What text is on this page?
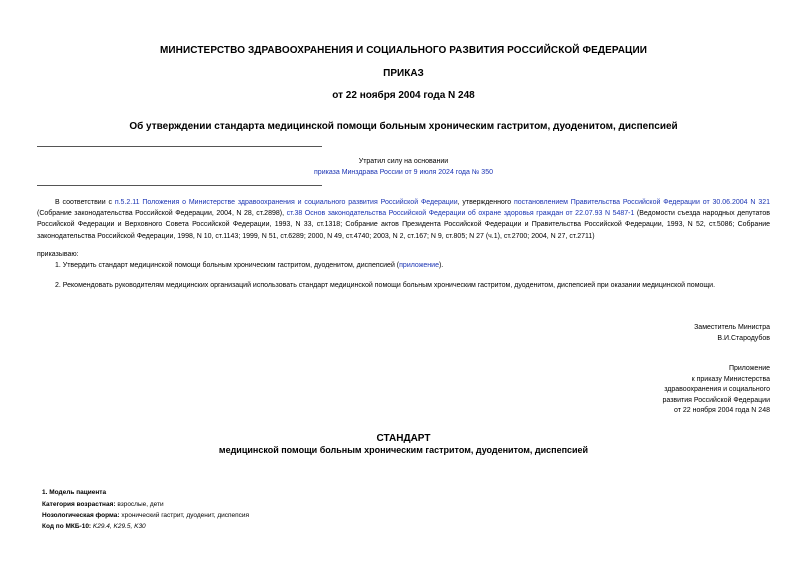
МИНИСТЕРСТВО ЗДРАВООХРАНЕНИЯ И СОЦИАЛЬНОГО РАЗВИТИЯ РОССИЙСКОЙ ФЕДЕРАЦИИ
ПРИКАЗ
от 22 ноября 2004 года N 248
Об утверждении стандарта медицинской помощи больным хроническим гастритом, дуоденитом, диспепсией
Утратил силу на основании
приказа Минздрава России от 9 июля 2024 года № 350
В соответствии с п.5.2.11 Положения о Министерстве здравоохранения и социального развития Российской Федерации, утвержденного постановлением Правительства Российской Федерации от 30.06.2004 N 321 (Собрание законодательства Российской Федерации, 2004, N 28, ст.2898), ст.38 Основ законодательства Российской Федерации об охране здоровья граждан от 22.07.93 N 5487-1 (Ведомости съезда народных депутатов Российской Федерации и Верховного Совета Российской Федерации, 1993, N 33, ст.1318; Собрание актов Президента Российской Федерации и Правительства Российской Федерации, 1993, N 52, ст.5086; Собрание законодательства Российской Федерации, 1998, N 10, ст.1143; 1999, N 51, ст.6289; 2000, N 49, ст.4740; 2003, N 2, ст.167; N 9, ст.805; N 27 (ч.1), ст.2700; 2004, N 27, ст.2711)
приказываю:
1. Утвердить стандарт медицинской помощи больным хроническим гастритом, дуоденитом, диспепсией (приложение).
2. Рекомендовать руководителям медицинских организаций использовать стандарт медицинской помощи больным хроническим гастритом, дуоденитом, диспепсией при оказании медицинской помощи.
Заместитель Министра
В.И.Стародубов
Приложение
к приказу Министерства
здравоохранения и социального
развития Российской Федерации
от 22 ноября 2004 года N 248
СТАНДАРТ
медицинской помощи больным хроническим гастритом, дуоденитом, диспепсией
1. Модель пациента
Категория возрастная: взрослые, дети
Нозологическая форма: хронический гастрит, дуоденит, диспепсия
Код по МКБ-10: K29.4, K29.5, K30
